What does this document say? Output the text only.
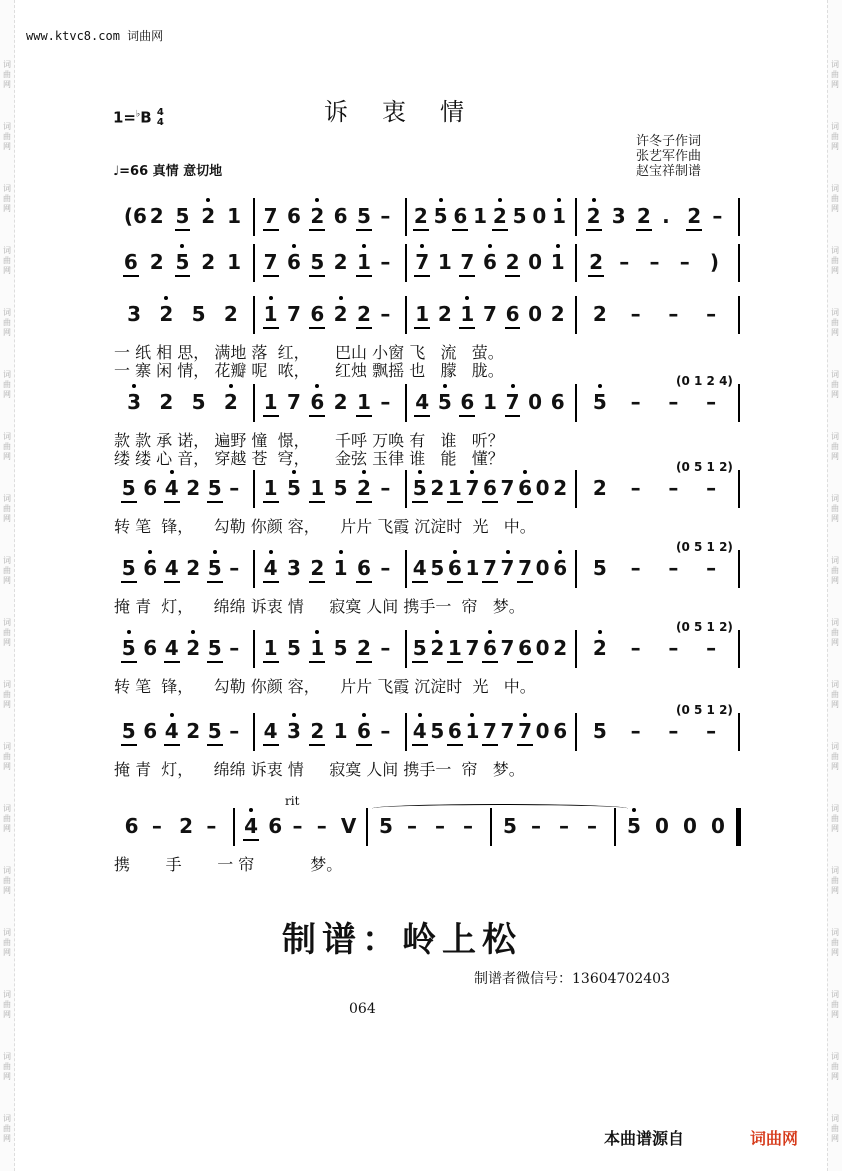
词
曲
网
词
曲
网
词
曲
网
词
曲
网
词
曲
网
词
曲
网
词
曲
网
词
曲
网
词
曲
网
词
曲
网
词
曲
网
词
曲
网
词
曲
网
词
曲
网
词
曲
网
词
曲
网
词
曲
网
词
曲
网
词
曲
网
词
曲
网
词
曲
网
词
曲
网
词
曲
网
词
曲
网
词
曲
网
词
曲
网
词
曲
网
词
曲
网
词
曲
网
词
曲
网
词
曲
网
词
曲
网
词
曲
网
词
曲
网
词
曲
网
词
曲
网
www.ktvc8.com 词曲网
诉衷情
1=♭B 4
4
许冬子作词
张艺军作曲
赵宝祥制谱
♩=66 真情 意切地
(6 2 5 2 1 7 6 2 6 5 – 2 5 6 1 2 5 0 1 2 3 2 . 2 –
6 2 5 2 1 7 6 5 2 1 – 7 1 7 6 2 0 1 2 – – – )
3 2 5 2 1 7 6 2 2 – 1 2 1 7 6 0 2 2 – – –
一 纸 相 思， 满地 落  红，     巴山 小窗 飞   流   萤。
一 寨 闲 情， 花瓣 呢  哝，     红烛 飘摇 也   朦   胧。
3 2 5 2 1 7 6 2 1 – 4 5 6 1 7 0 6 5 – – –
(0 1 2 4)
款 款 承 诺， 遍野 憧  憬，     千呼 万唤 有   谁   听？
缕 缕 心 音， 穿越 苍  穹，     金弦 玉律 谁   能   懂？
5 6 4 2 5 – 1 5 1 5 2 – 5 2 1 7 6 7 6 0 2 2 – – –
(0 5 1 2)
转 笔  锋，    勾勒 你颜 容，    片片 飞霞 沉淀时  光   中。
5 6 4 2 5 – 4 3 2 1 6 – 4 5 6 1 7 7 7 0 6 5 – – –
(0 5 1 2)
掩 青  灯，    绵绵 诉衷 情     寂寞 人间 携手一  帘   梦。
5 6 4 2 5 – 1 5 1 5 2 – 5 2 1 7 6 7 6 0 2 2 – – –
(0 5 1 2)
转 笔  锋，    勾勒 你颜 容，    片片 飞霞 沉淀时  光   中。
5 6 4 2 5 – 4 3 2 1 6 – 4 5 6 1 7 7 7 0 6 5 – – –
(0 5 1 2)
掩 青  灯，    绵绵 诉衷 情     寂寞 人间 携手一  帘   梦。
6 – 2 – 4 6 – – V 5 – – – 5 – – – 5 0 0 0
rit
携       手       一 帘           梦。
制谱：岭上松
制谱者微信号：13604702403
064
本曲谱源自	词曲网
